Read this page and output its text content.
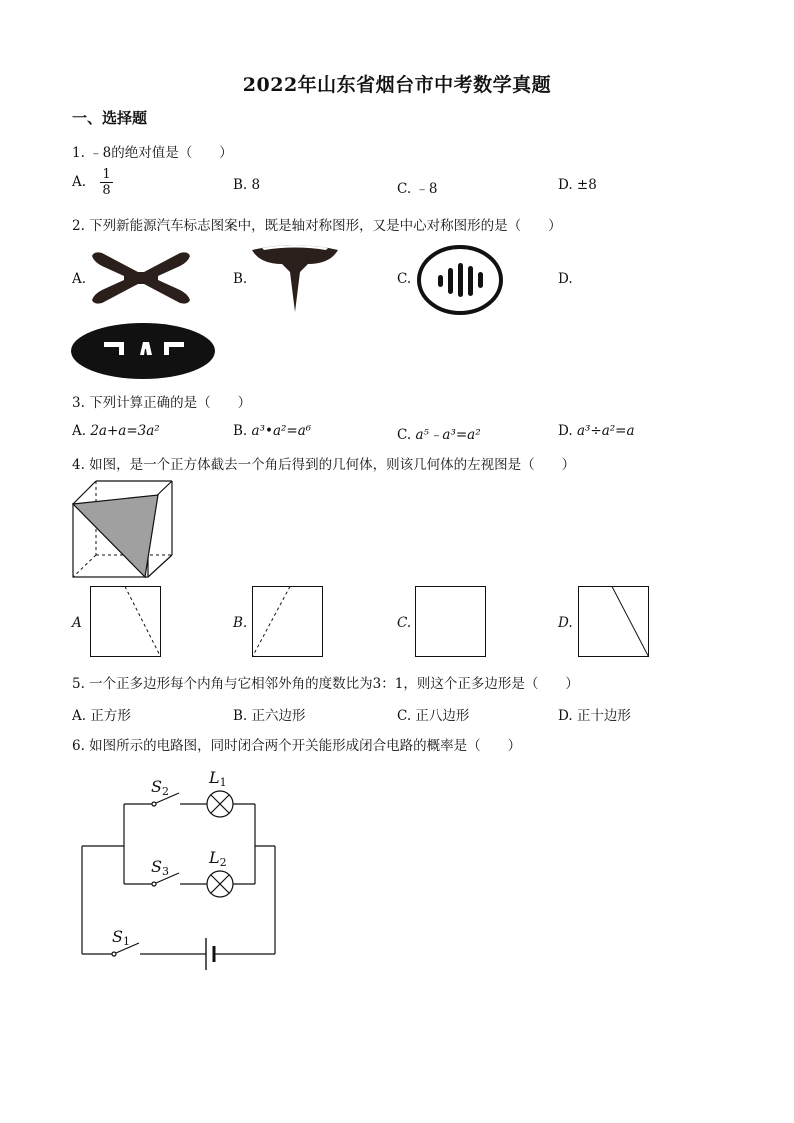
2022年山东省烟台市中考数学真题
一、选择题
1. ﹣8的绝对值是（　　）
A. $\frac{1}{8}$	B. 8	C. ﹣8	D. ±8
2. 下列新能源汽车标志图案中，既是轴对称图形，又是中心对称图形的是（　　）
A.	B.	C.	D.
3. 下列计算正确的是（　　）
A. 2a+a=3a²	B. a³•a²=a⁶	C. a⁵﹣a³=a²	D. a³÷a²=a
4. 如图，是一个正方体截去一个角后得到的几何体，则该几何体的左视图是（　　）
A	B.	C.	D.
5. 一个正多边形每个内角与它相邻外角的度数比为3：1，则这个正多边形是（　　）
A. 正方形	B. 正六边形	C. 正八边形	D. 正十边形
6. 如图所示的电路图，同时闭合两个开关能形成闭合电路的概率是（　　）
S2
L1
S3
L2
S1
